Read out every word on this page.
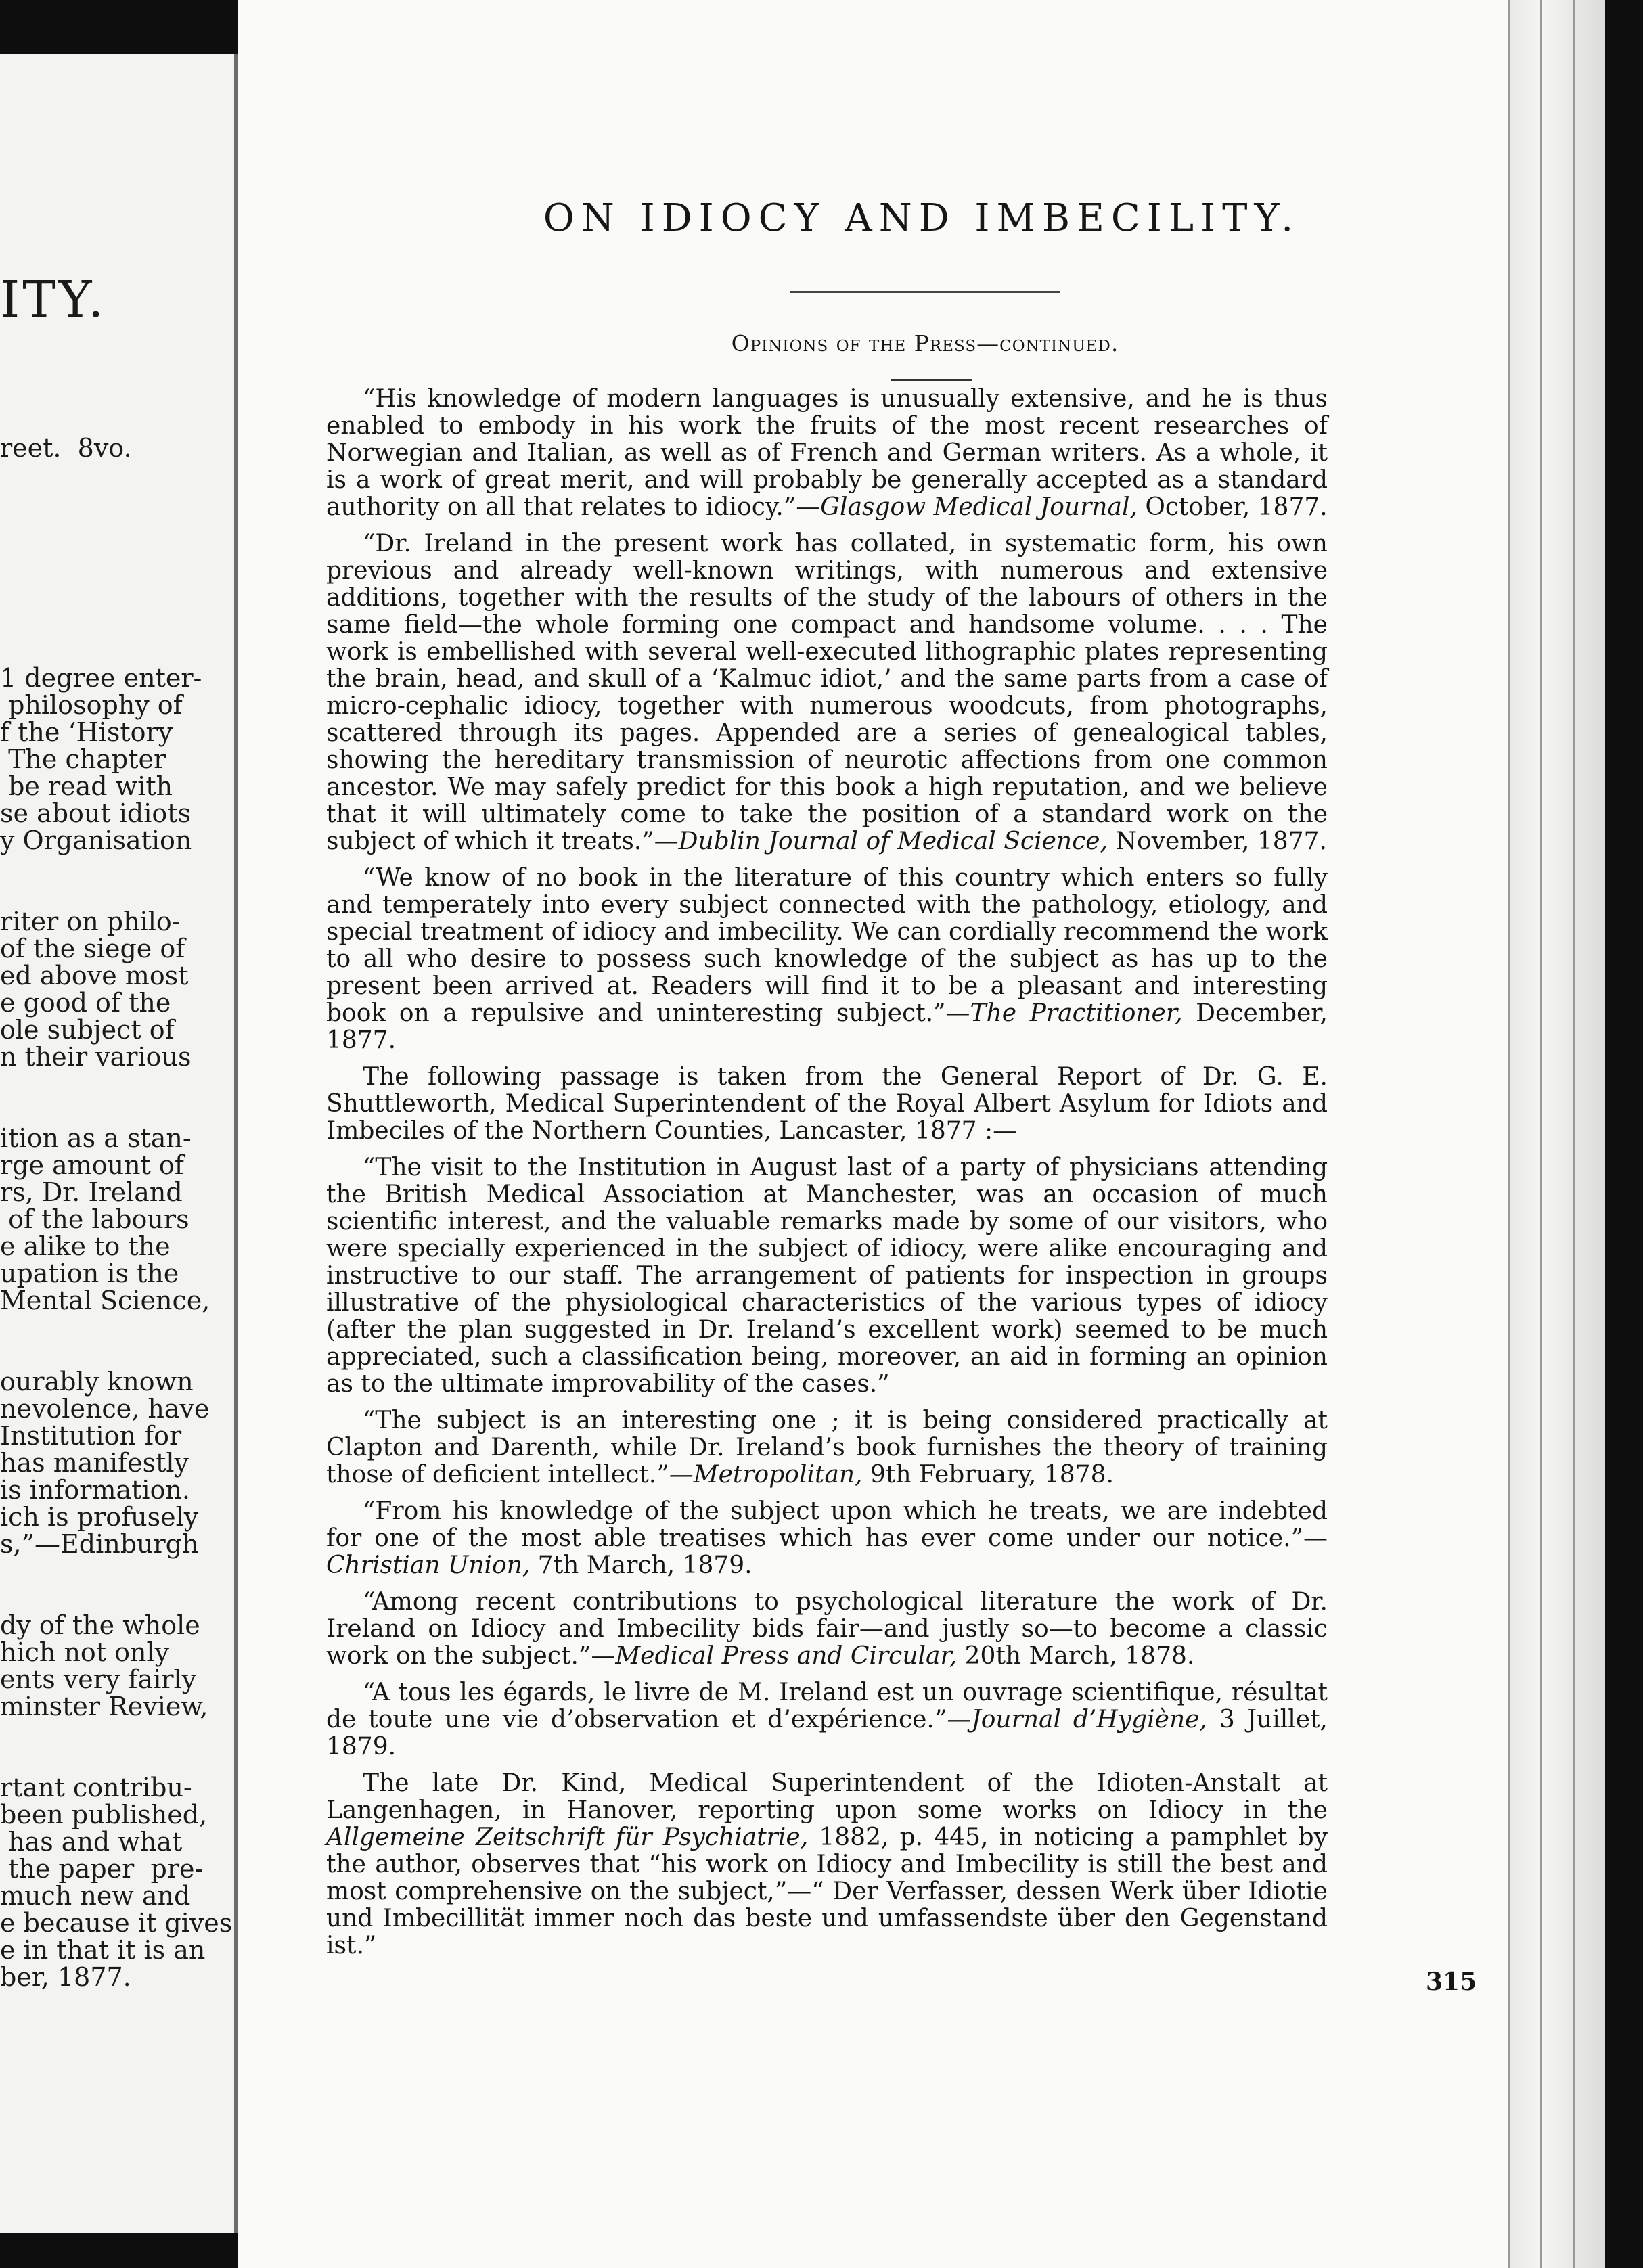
ITY.
reet.  8vo.
1 degree enter-
philosophy of
f the ‘History
The chapter
be read with
se about idiots
y Organisation
riter on philo-
of the siege of
ed above most
e good of the
ole subject of
n their various
ition as a stan-
rge amount of
rs, Dr. Ireland
of the labours
e alike to the
upation is the
Mental Science,
ourably known
nevolence, have
Institution for
has manifestly
is information.
ich is profusely
s,”—Edinburgh
dy of the whole
hich not only
ents very fairly
minster Review,
rtant contribu-
been published,
has and what
the paper  pre-
much new and
e because it gives
e in that it is an
ber, 1877.
ON IDIOCY AND IMBECILITY.
Opinions of the Press—continued.

“His knowledge of modern languages is unusually extensive, and he is thus enabled to embody in his work the fruits of the most recent researches of Norwegian and Italian, as well as of French and German writers. As a whole, it is a work of great merit, and will probably be generally accepted as a standard authority on all that relates to idiocy.”—Glasgow Medical Journal, October, 1877.

“Dr. Ireland in the present work has collated, in systematic form, his own previous and already well-known writings, with numerous and extensive additions, together with the results of the study of the labours of others in the same field—the whole forming one compact and handsome volume. . . . The work is embellished with several well-executed lithographic plates representing the brain, head, and skull of a ‘Kalmuc idiot,’ and the same parts from a case of micro-cephalic idiocy, together with numerous woodcuts, from photographs, scattered through its pages. Appended are a series of genealogical tables, showing the hereditary transmission of neurotic affections from one common ancestor. We may safely predict for this book a high reputation, and we believe that it will ultimately come to take the position of a standard work on the subject of which it treats.”—Dublin Journal of Medical Science, November, 1877.

“We know of no book in the literature of this country which enters so fully and temperately into every subject connected with the pathology, etiology, and special treatment of idiocy and imbecility. We can cordially recommend the work to all who desire to possess such knowledge of the subject as has up to the present been arrived at. Readers will find it to be a pleasant and interesting book on a repulsive and uninteresting subject.”—The Practitioner, December, 1877.

The following passage is taken from the General Report of Dr. G. E. Shuttleworth, Medical Superintendent of the Royal Albert Asylum for Idiots and Imbeciles of the Northern Counties, Lancaster, 1877 :—

“The visit to the Institution in August last of a party of physicians attending the British Medical Association at Manchester, was an occasion of much scientific interest, and the valuable remarks made by some of our visitors, who were specially experienced in the subject of idiocy, were alike encouraging and instructive to our staff. The arrangement of patients for inspection in groups illustrative of the physiological characteristics of the various types of idiocy (after the plan suggested in Dr. Ireland’s excellent work) seemed to be much appreciated, such a classification being, moreover, an aid in forming an opinion as to the ultimate improvability of the cases.”

“The subject is an interesting one ; it is being considered practically at Clapton and Darenth, while Dr. Ireland’s book furnishes the theory of training those of deficient intellect.”—Metropolitan, 9th February, 1878.

“From his knowledge of the subject upon which he treats, we are indebted for one of the most able treatises which has ever come under our notice.”—Christian Union, 7th March, 1879.

“Among recent contributions to psychological literature the work of Dr. Ireland on Idiocy and Imbecility bids fair—and justly so—to become a classic work on the subject.”—Medical Press and Circular, 20th March, 1878.

“A tous les égards, le livre de M. Ireland est un ouvrage scientifique, résultat de toute une vie d’observation et d’expérience.”—Journal d’Hygiène, 3 Juillet, 1879.

The late Dr. Kind, Medical Superintendent of the Idioten-Anstalt at Langenhagen, in Hanover, reporting upon some works on Idiocy in the Allgemeine Zeitschrift für Psychiatrie, 1882, p. 445, in noticing a pamphlet by the author, observes that “his work on Idiocy and Imbecility is still the best and most comprehensive on the subject,”—“ Der Verfasser, dessen Werk über Idiotie und Imbecillität immer noch das beste und umfassendste über den Gegenstand ist.”

315
